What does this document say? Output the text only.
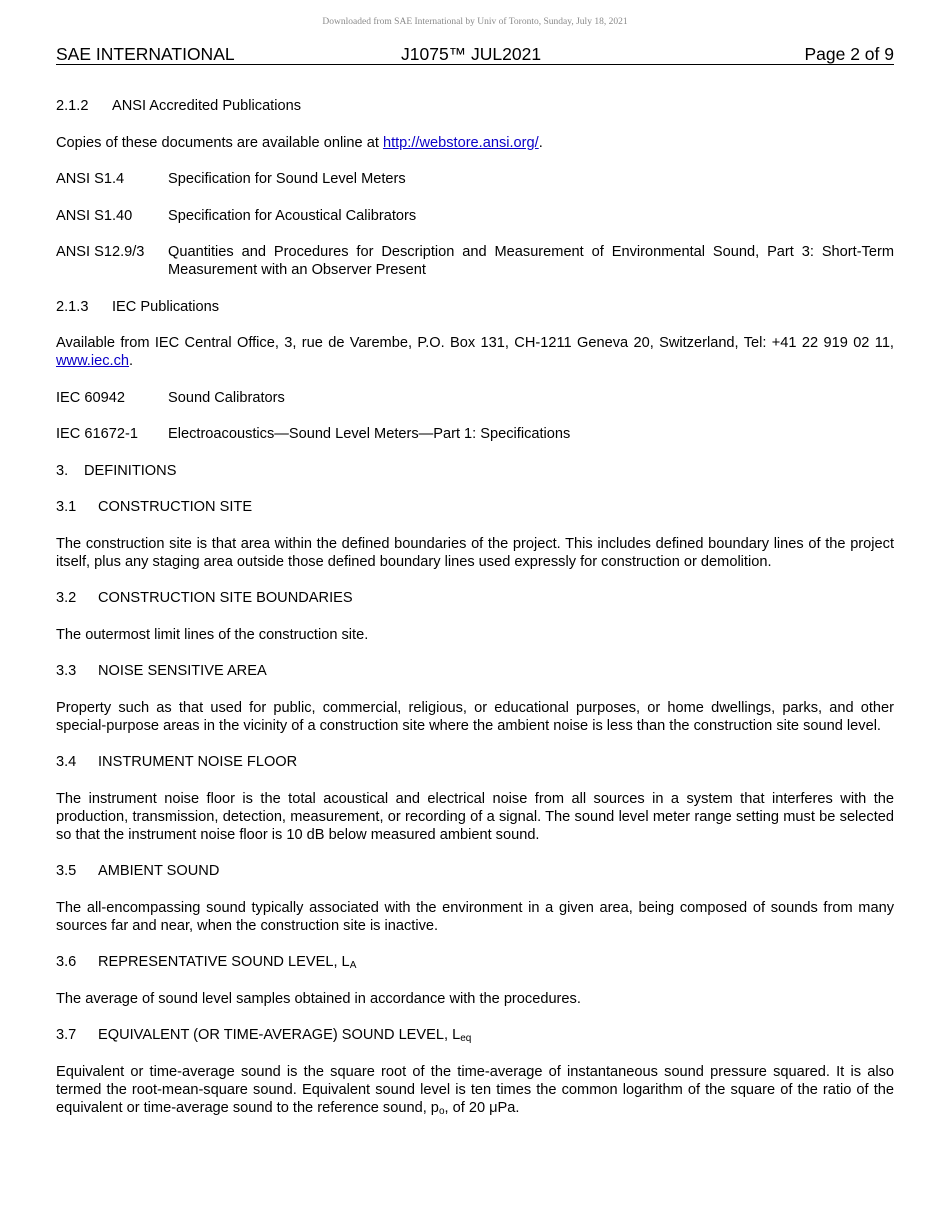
Downloaded from SAE International by Univ of Toronto, Sunday, July 18, 2021
SAE INTERNATIONAL	J1075™ JUL2021	Page 2 of 9
2.1.2 ANSI Accredited Publications

Copies of these documents are available online at http://webstore.ansi.org/.

ANSI S1.4	Specification for Sound Level Meters
ANSI S1.40	Specification for Acoustical Calibrators
ANSI S12.9/3	Quantities and Procedures for Description and Measurement of Environmental Sound, Part 3: Short-Term Measurement with an Observer Present
2.1.3 IEC Publications

Available from IEC Central Office, 3, rue de Varembe, P.O. Box 131, CH-1211 Geneva 20, Switzerland, Tel: +41 22 919 02 11, www.iec.ch.

IEC 60942	Sound Calibrators
IEC 61672-1	Electroacoustics—Sound Level Meters—Part 1: Specifications
3. DEFINITIONS
3.1 CONSTRUCTION SITE

The construction site is that area within the defined boundaries of the project. This includes defined boundary lines of the project itself, plus any staging area outside those defined boundary lines used expressly for construction or demolition.

3.2 CONSTRUCTION SITE BOUNDARIES

The outermost limit lines of the construction site.

3.3 NOISE SENSITIVE AREA

Property such as that used for public, commercial, religious, or educational purposes, or home dwellings, parks, and other special-purpose areas in the vicinity of a construction site where the ambient noise is less than the construction site sound level.

3.4 INSTRUMENT NOISE FLOOR

The instrument noise floor is the total acoustical and electrical noise from all sources in a system that interferes with the production, transmission, detection, measurement, or recording of a signal. The sound level meter range setting must be selected so that the instrument noise floor is 10 dB below measured ambient sound.

3.5 AMBIENT SOUND

The all-encompassing sound typically associated with the environment in a given area, being composed of sounds from many sources far and near, when the construction site is inactive.

3.6 REPRESENTATIVE SOUND LEVEL, $L_A$

The average of sound level samples obtained in accordance with the procedures.

3.7 EQUIVALENT (OR TIME-AVERAGE) SOUND LEVEL, $L_{eq}$

Equivalent or time-average sound is the square root of the time-average of instantaneous sound pressure squared. It is also termed the root-mean-square sound. Equivalent sound level is ten times the common logarithm of the square of the ratio of the equivalent or time-average sound to the reference sound, $p_o$, of 20 μPa.
